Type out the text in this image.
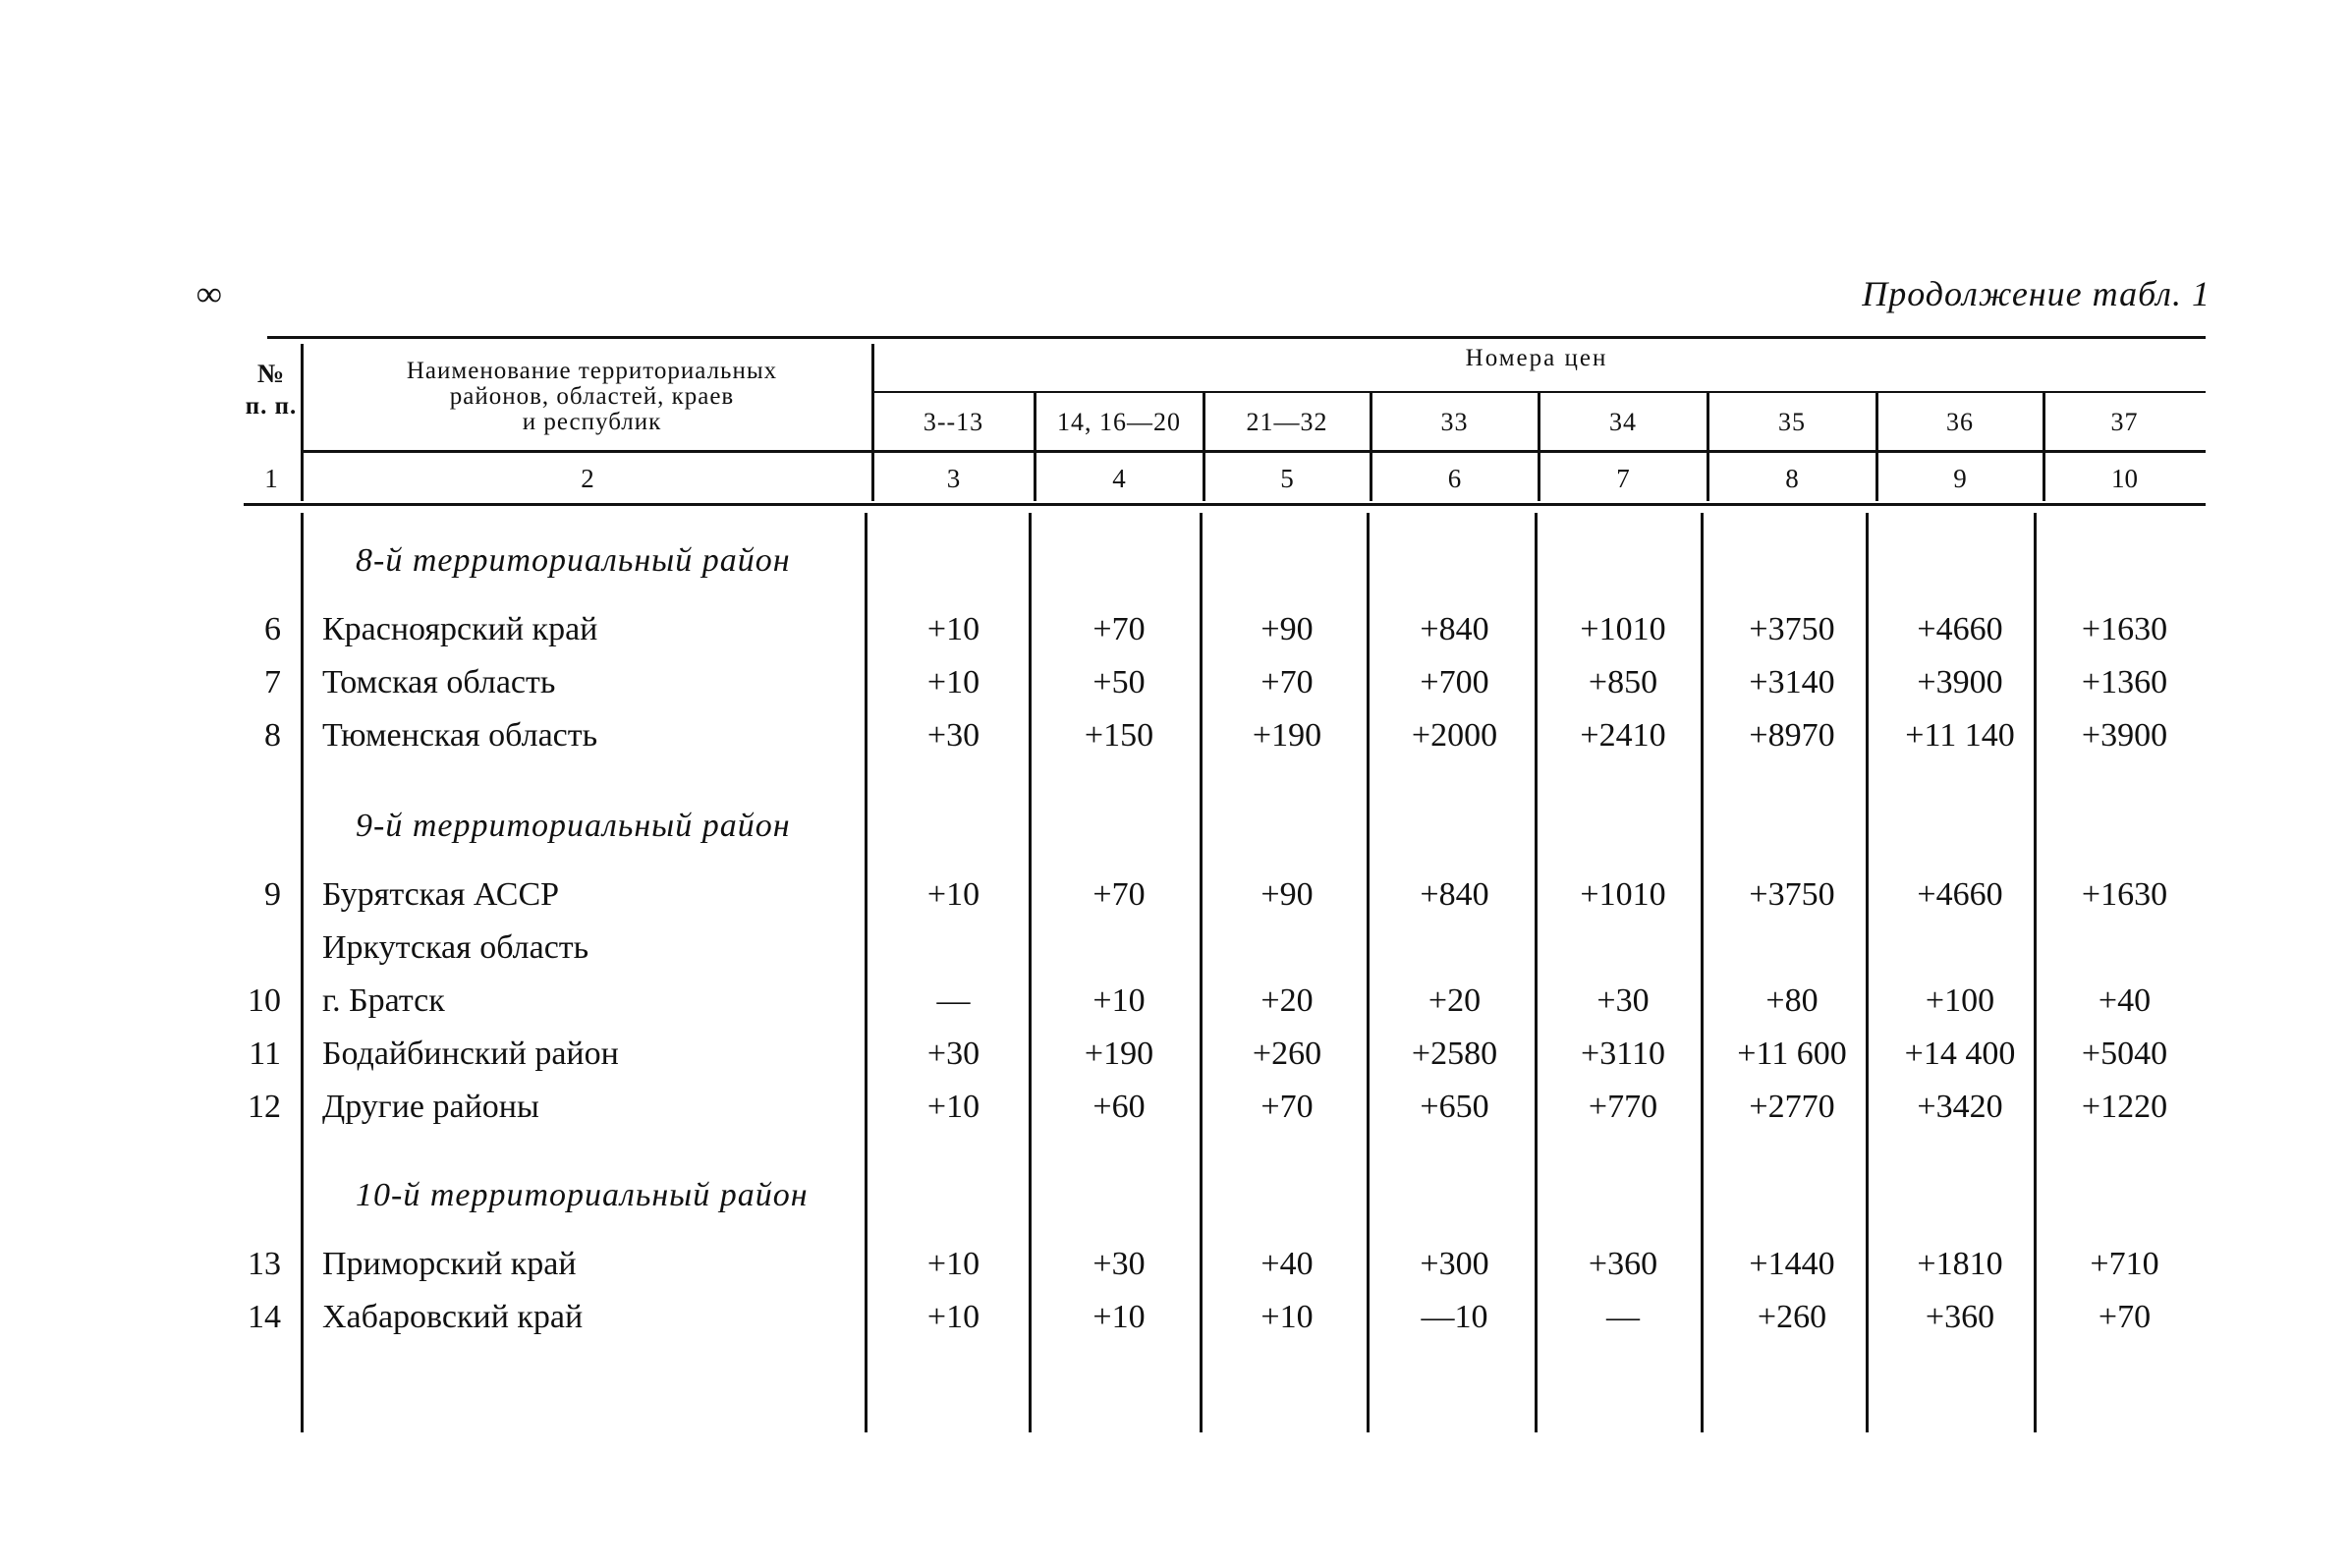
∞	Продолжение табл. 1
№
п. п.
Наименование территориальных
районов, областей, краев
и республик
Номера цен
3--13	14, 16—20	21—32	33	34	35	36	37
1	2	3	4	5	6	7	8	9	10
8-й территориальный район
6 Красноярский край	+10	+70	+90	+840	+1010	+3750	+4660	+1630
7 Томская область	+10	+50	+70	+700	+850	+3140	+3900	+1360
8 Тюменская область	+30	+150	+190	+2000	+2410	+8970	+11 140	+3900
9-й территориальный район
9 Бурятская АССР	+10	+70	+90	+840	+1010	+3750	+4660	+1630
Иркутская область
10 г. Братск	—	+10	+20	+20	+30	+80	+100	+40
11 Бодайбинский район	+30	+190	+260	+2580	+3110	+11 600	+14 400	+5040
12 Другие районы	+10	+60	+70	+650	+770	+2770	+3420	+1220
10-й территориальный район
13 Приморский край	+10	+30	+40	+300	+360	+1440	+1810	+710
14 Хабаровский край	+10	+10	+10	—10	—	+260	+360	+70
